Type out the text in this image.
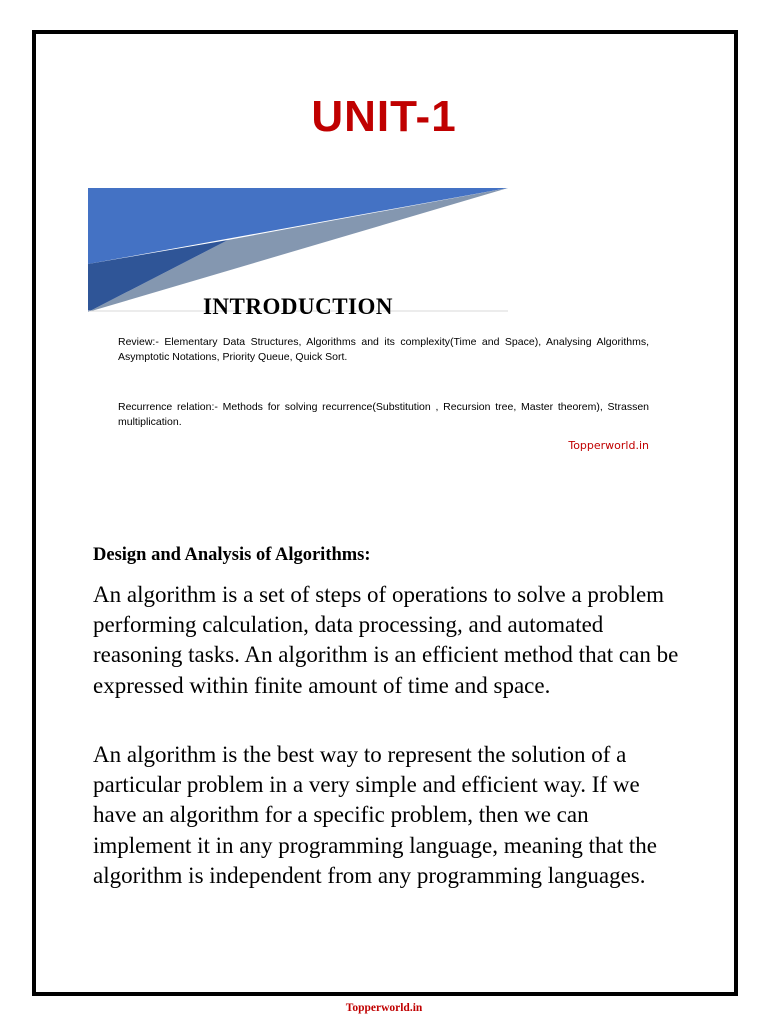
UNIT-1
INTRODUCTION
Review:- Elementary Data Structures, Algorithms and its complexity(Time and Space), Analysing Algorithms, Asymptotic Notations, Priority Queue, Quick Sort.
Recurrence relation:- Methods for solving recurrence(Substitution , Recursion tree, Master theorem), Strassen multiplication.
Topperworld.in
Design and Analysis of Algorithms:
An algorithm is a set of steps of operations to solve a problem performing calculation, data processing, and automated reasoning tasks. An algorithm is an efficient method that can be expressed within finite amount of time and space.
An algorithm is the best way to represent the solution of a particular problem in a very simple and efficient way. If we have an algorithm for a specific problem, then we can implement it in any programming language, meaning that the algorithm is independent from any programming languages.
Topperworld.in
